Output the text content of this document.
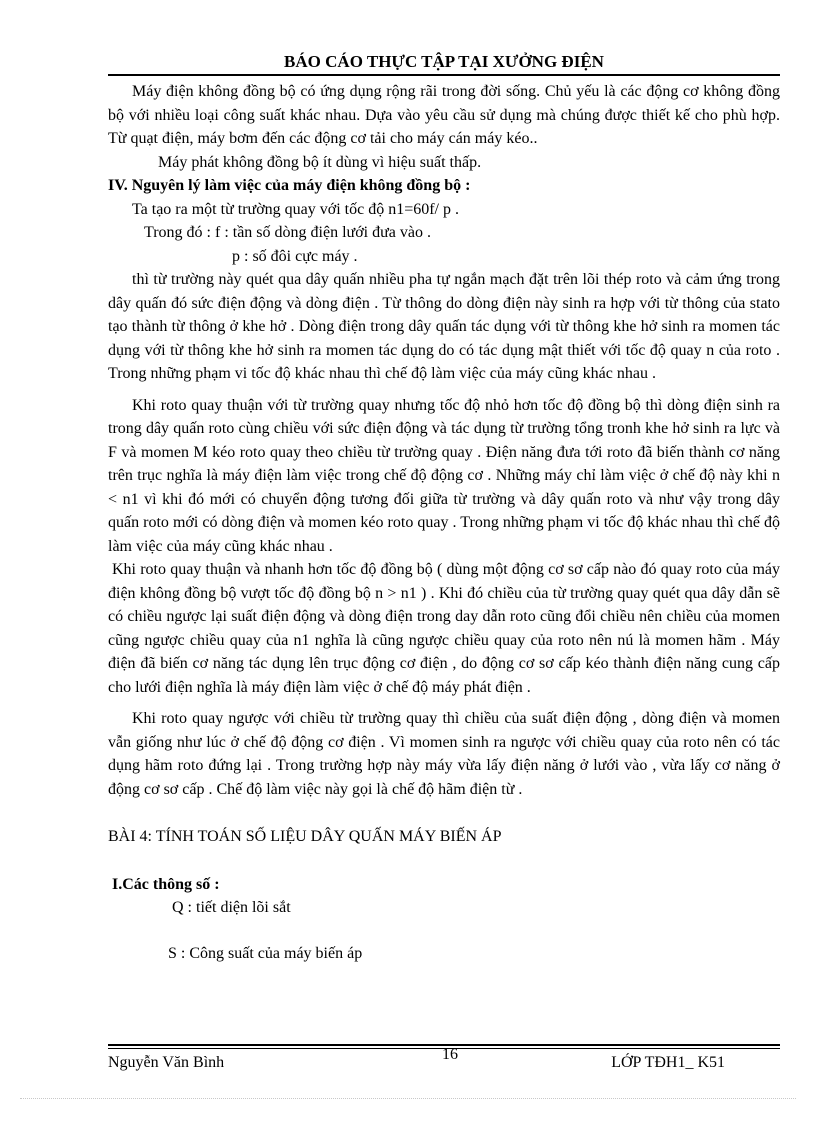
BÁO CÁO THỰC TẬP TẠI XƯỞNG ĐIỆN

Máy điện không đồng bộ có ứng dụng rộng rãi trong đời sống. Chủ yếu là các động cơ không đồng bộ với nhiều loại công suất khác nhau. Dựa vào yêu cầu sử dụng mà chúng được thiết kế cho phù hợp. Từ quạt điện, máy bơm đến các động cơ tải cho máy cán máy kéo..

Máy phát không đồng bộ ít dùng vì hiệu suất thấp.

IV. Nguyên lý làm việc của máy điện không đồng bộ :

Ta tạo ra một từ trường quay với tốc độ n1=60f/ p .

Trong đó : f : tần số dòng điện lưới đưa vào .

p : số đôi cực máy .

thì từ trường này quét qua dây quấn nhiều pha tự ngắn mạch đặt trên lõi thép roto và cảm ứng trong dây quấn đó sức điện động và dòng điện . Từ thông do dòng điện này sinh ra hợp với từ thông của stato tạo thành từ thông ở khe hở . Dòng điện trong dây quấn tác dụng với từ thông khe hở sinh ra momen tác dụng với từ thông khe hở sinh ra momen tác dụng do có tác dụng mật thiết với tốc độ quay n của roto . Trong những phạm vi tốc độ khác nhau thì chế độ làm việc của máy cũng khác nhau .

Khi roto quay thuận với từ trường quay nhưng tốc độ nhỏ hơn tốc độ đồng bộ thì dòng điện sinh ra trong dây quấn roto cùng chiều với sức điện động và tác dụng từ trường tổng tronh khe hở sinh ra lực và F và momen M kéo roto quay theo chiều từ trường quay . Điện năng đưa tới roto đã biến thành cơ năng trên trục nghĩa là máy điện làm việc trong chế độ động cơ . Những máy chỉ làm việc ở chế độ này khi n < n1 vì khi đó mới có chuyển động tương đối giữa từ trường và dây quấn roto và như vậy trong dây quấn roto mới có dòng điện và momen kéo roto quay . Trong những phạm vi tốc độ khác nhau thì chế độ làm việc của máy cũng khác nhau .

Khi roto quay thuận và nhanh hơn tốc độ đồng bộ ( dùng một động cơ sơ cấp nào đó quay roto của máy điện không đồng bộ vượt tốc độ đồng bộ n > n1 ) . Khi đó chiều của từ trường quay quét qua dây dẫn sẽ có chiều ngược lại suất điện động và dòng điện trong day dẫn roto cũng đổi chiều nên chiều của momen cũng ngược chiều quay của n1 nghĩa là cũng ngược chiều quay của roto nên nú là momen hãm . Máy điện đã biến cơ năng tác dụng lên trục động cơ điện , do động cơ sơ cấp kéo thành điện năng cung cấp cho lưới điện nghĩa là máy điện làm việc ở chế độ máy phát điện .

Khi roto quay ngược với chiều từ trường quay thì chiều của suất điện động , dòng điện và momen vẫn giống như lúc ở chế độ động cơ điện . Vì momen sinh ra ngược với chiều quay của roto nên có tác dụng hãm roto đứng lại . Trong trường hợp này máy vừa lấy điện năng ở lưới vào , vừa lấy cơ năng ở động cơ sơ cấp . Chế độ làm việc này gọi là chế độ hãm điện từ .

BÀI 4: TÍNH TOÁN SỐ LIỆU DÂY QUẤN MÁY BIẾN ÁP

I.Các thông số :

Q : tiết diện lõi sắt

S : Công suất của máy biến áp

Nguyễn Văn Bình	16	LỚP TĐH1_ K51
